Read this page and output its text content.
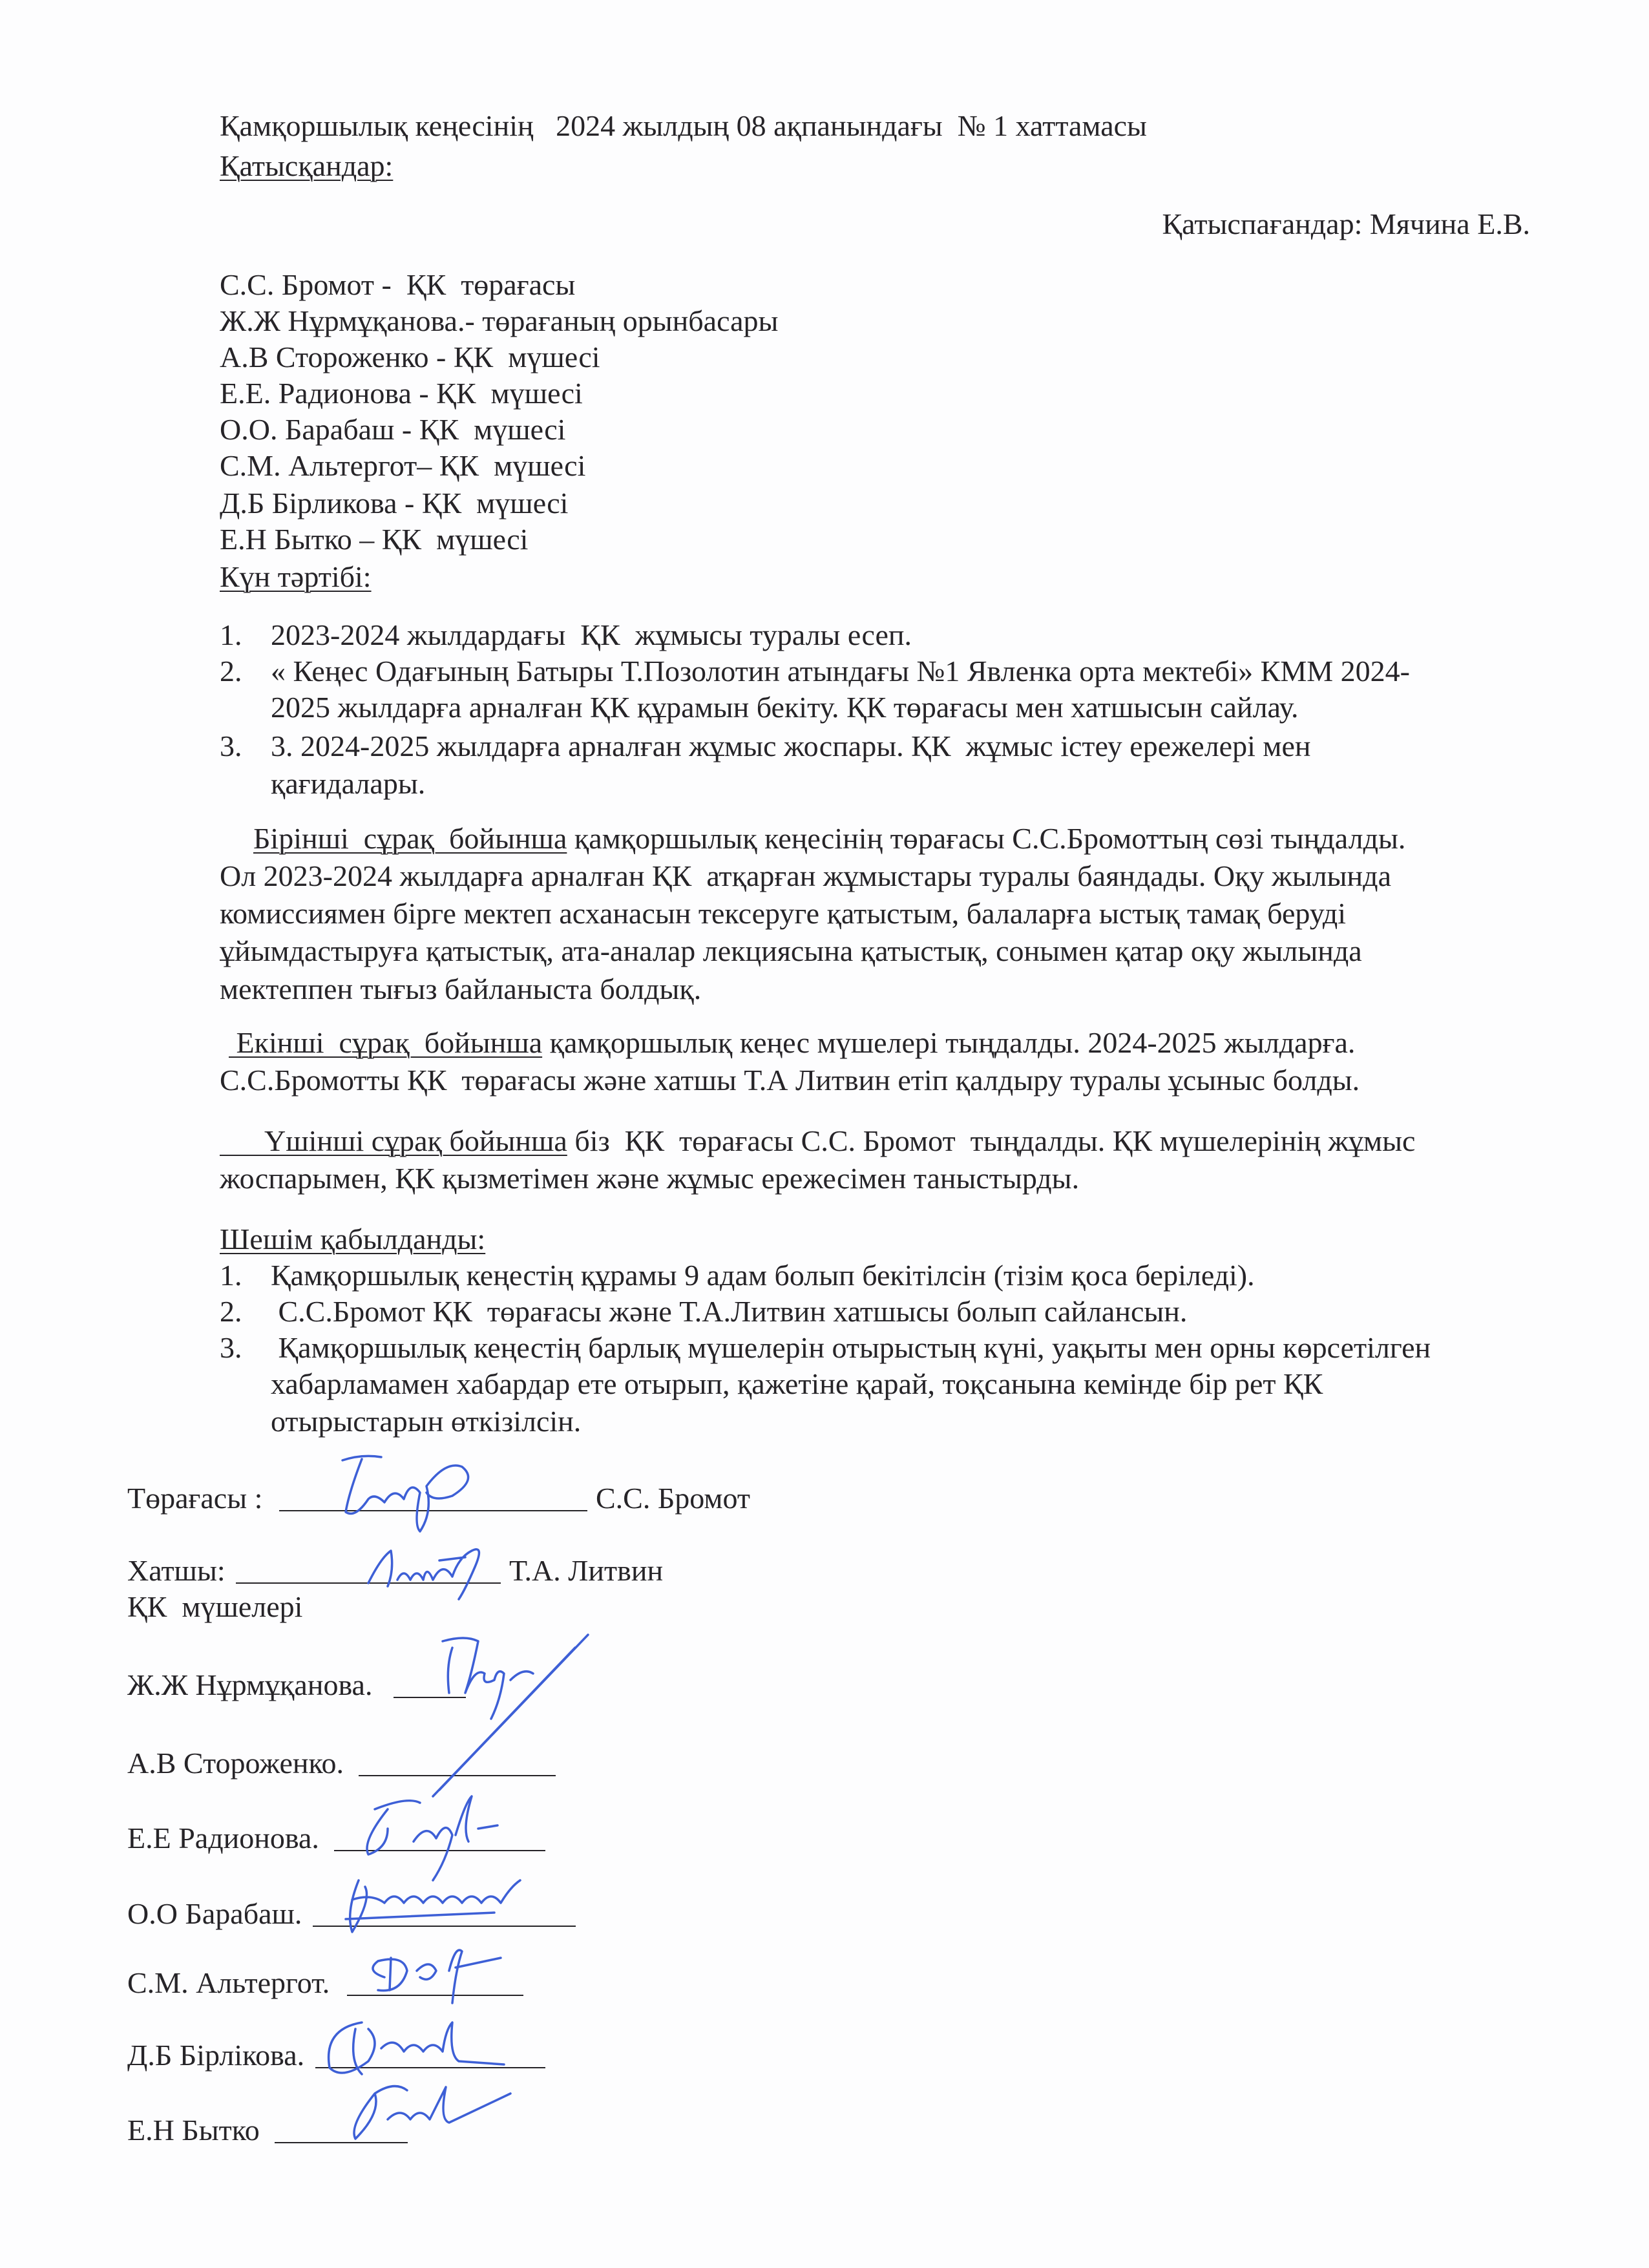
Қамқоршылық кеңесінің   2024 жылдың 08 ақпанындағы  № 1 хаттамасы
Қатысқандар:
Қатыспағандар: Мячина Е.В.
С.С. Бромот -  ҚК  төрағасы
Ж.Ж Нұрмұқанова.- төрағаның орынбасары
А.В Стороженко - ҚК  мүшесі
Е.Е. Радионова - ҚК  мүшесі
О.О. Барабаш - ҚК  мүшесі
С.М. Альтергот– ҚК  мүшесі
Д.Б Бірликова - ҚК  мүшесі
Е.Н Бытко – ҚК  мүшесі
Күн тәртібі:
1. 2023-2024 жылдардағы  ҚК  жұмысы туралы есеп.
2. « Кеңес Одағының Батыры Т.Позолотин атындағы №1 Явленка орта мектебі» КММ 2024-
2025 жылдарға арналған ҚК құрамын бекіту. ҚК төрағасы мен хатшысын сайлау.
3. 3. 2024-2025 жылдарға арналған жұмыс жоспары. ҚК  жұмыс істеу ережелері мен
қағидалары.
Бірінші  сұрақ  бойынша қамқоршылық кеңесінің төрағасы С.С.Бромоттың сөзі тыңдалды.
Ол 2023-2024 жылдарға арналған ҚК  атқарған жұмыстары туралы баяндады. Оқу жылында
комиссиямен бірге мектеп асханасын тексеруге қатыстым, балаларға ыстық тамақ беруді
ұйымдастыруға қатыстық, ата-аналар лекциясына қатыстық, сонымен қатар оқу жылында
мектеппен тығыз байланыста болдық.
Екінші  сұрақ  бойынша қамқоршылық кеңес мүшелері тыңдалды. 2024-2025 жылдарға.
С.С.Бромотты ҚК  төрағасы және хатшы Т.А Литвин етіп қалдыру туралы ұсыныс болды.
Үшінші сұрақ бойынша біз  ҚК  төрағасы С.С. Бромот  тыңдалды. ҚК мүшелерінің жұмыс
жоспарымен, ҚК қызметімен және жұмыс ережесімен таныстырды.
Шешім қабылданды:
1. Қамқоршылық кеңестің құрамы 9 адам болып бекітілсін (тізім қоса беріледі).
2. С.С.Бромот ҚК  төрағасы және Т.А.Литвин хатшысы болып сайлансын.
3. Қамқоршылық кеңестің барлық мүшелерін отырыстың күні, уақыты мен орны көрсетілген
хабарламамен хабардар ете отырып, қажетіне қарай, тоқсанына кемінде бір рет ҚК
отырыстарын өткізілсін.
Төрағасы :	С.С. Бромот
Хатшы:	Т.А. Литвин
ҚК  мүшелері
Ж.Ж Нұрмұқанова.
А.В Стороженко.
Е.Е Радионова.
О.О Барабаш.
С.М. Альтергот.
Д.Б Бірлікова.
Е.Н Бытко
